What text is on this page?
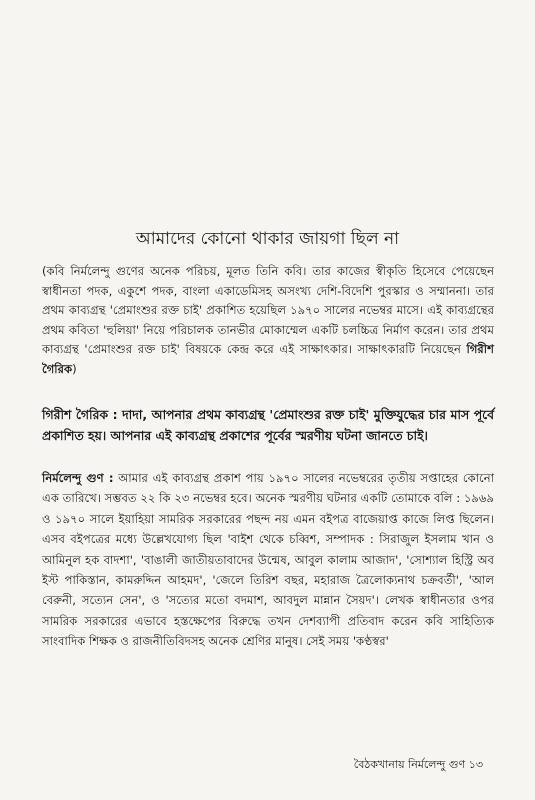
আমাদের কোনো থাকার জায়গা ছিল না
(কবি নির্মলেন্দু গুণের অনেক পরিচয়, মূলত তিনি কবি। তার কাজের স্বীকৃতি হিসেবে পেয়েছেন স্বাধীনতা পদক, একুশে পদক, বাংলা একাডেমিসহ অসংখ্য দেশি-বিদেশি পুরস্কার ও সম্মাননা। তার প্রথম কাব্যগ্রন্থ 'প্রেমাংশুর রক্ত চাই' প্রকাশিত হয়েছিল ১৯৭০ সালের নভেম্বর মাসে। এই কাব্যগ্রন্থের প্রথম কবিতা 'হুলিয়া' নিয়ে পরিচালক তানভীর মোকাম্মেল একটি চলচ্চিত্র নির্মাণ করেন। তার প্রথম কাব্যগ্রন্থ 'প্রেমাংশুর রক্ত চাই' বিষয়কে কেন্দ্র করে এই সাক্ষাৎকার। সাক্ষাৎকারটি নিয়েছেন গিরীশ গৈরিক)
গিরীশ গৈরিক : দাদা, আপনার প্রথম কাব্যগ্রন্থ 'প্রেমাংশুর রক্ত চাই' মুক্তিযুদ্ধের চার মাস পূর্বে প্রকাশিত হয়। আপনার এই কাব্যগ্রন্থ প্রকাশের পূর্বের স্মরণীয় ঘটনা জানতে চাই।
নির্মলেন্দু গুণ : আমার এই কাব্যগ্রন্থ প্রকাশ পায় ১৯৭০ সালের নভেম্বরের তৃতীয় সপ্তাহের কোনো এক তারিখে। সম্ভবত ২২ কি ২৩ নভেম্বর হবে। অনেক স্মরণীয় ঘটনার একটি তোমাকে বলি : ১৯৬৯ ও ১৯৭০ সালে ইয়াহিয়া সামরিক সরকারের পছন্দ নয় এমন বইপত্র বাজেয়াপ্ত কাজে লিপ্ত ছিলেন। এসব বইপত্রের মধ্যে উল্লেখযোগ্য ছিল 'বাইশ থেকে চব্বিশ, সম্পাদক : সিরাজুল ইসলাম খান ও আমিনুল হক বাদশা', 'বাঙালী জাতীয়তাবাদের উন্মেষ, আবুল কালাম আজাদ', 'সোশ্যাল হিস্ট্রি অব ইস্ট পাকিস্তান, কামরুদ্দিন আহমদ', 'জেলে তিরিশ বছর, মহারাজ ত্রৈলোক্যনাথ চক্রবর্তী', 'আল বেরুনী, সত্যেন সেন', ও 'সত্যের মতো বদমাশ, আবদুল মান্নান সৈয়দ'। লেখক স্বাধীনতার ওপর সামরিক সরকারের এভাবে হস্তক্ষেপের বিরুদ্ধে তখন দেশব্যাপী প্রতিবাদ করেন কবি সাহিত্যিক সাংবাদিক শিক্ষক ও রাজনীতিবিদসহ অনেক শ্রেণির মানুষ। সেই সময় 'কণ্ঠস্বর'
বৈঠকখানায় নির্মলেন্দু গুণ ১৩
